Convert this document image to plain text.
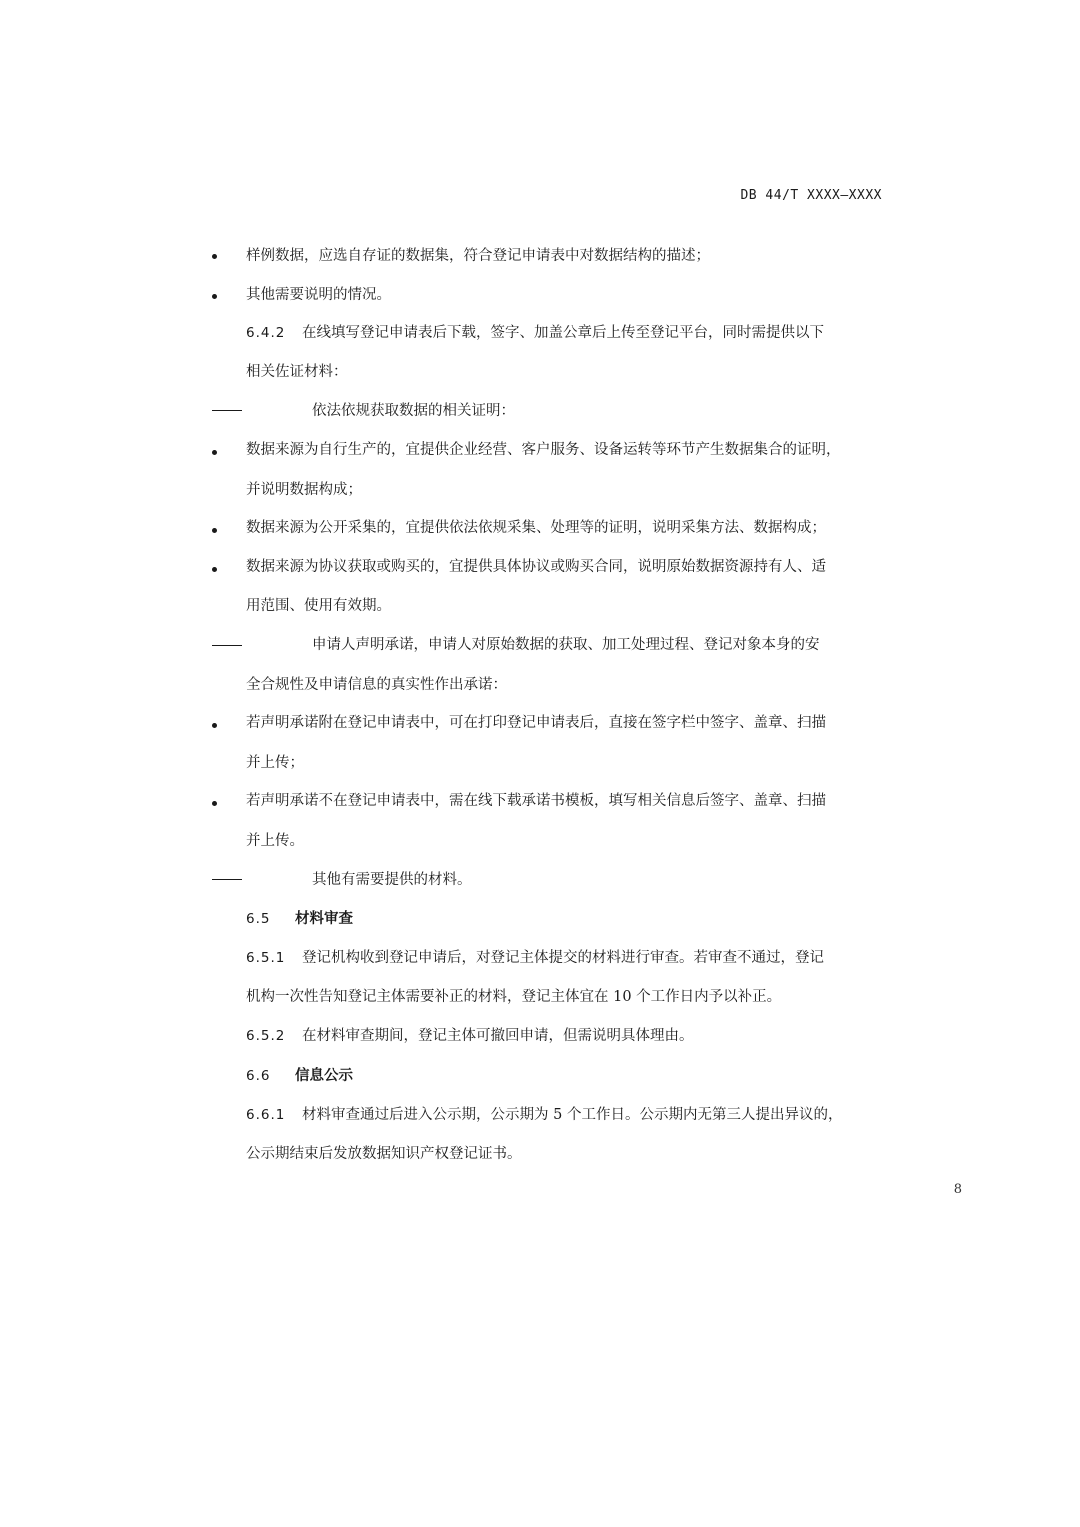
DB 44/T XXXX—XXXX
样例数据，应选自存证的数据集，符合登记申请表中对数据结构的描述；
其他需要说明的情况。
6.4.2 在线填写登记申请表后下载，签字、加盖公章后上传至登记平台，同时需提供以下
相关佐证材料：
依法依规获取数据的相关证明：
数据来源为自行生产的，宜提供企业经营、客户服务、设备运转等环节产生数据集合的证明，
并说明数据构成；
数据来源为公开采集的，宜提供依法依规采集、处理等的证明，说明采集方法、数据构成；
数据来源为协议获取或购买的，宜提供具体协议或购买合同，说明原始数据资源持有人、适
用范围、使用有效期。
申请人声明承诺，申请人对原始数据的获取、加工处理过程、登记对象本身的安
全合规性及申请信息的真实性作出承诺：
若声明承诺附在登记申请表中，可在打印登记申请表后，直接在签字栏中签字、盖章、扫描
并上传；
若声明承诺不在登记申请表中，需在线下载承诺书模板，填写相关信息后签字、盖章、扫描
并上传。
其他有需要提供的材料。
6.5 材料审查
6.5.1 登记机构收到登记申请后，对登记主体提交的材料进行审查。若审查不通过，登记
机构一次性告知登记主体需要补正的材料，登记主体宜在 10 个工作日内予以补正。
6.5.2 在材料审查期间，登记主体可撤回申请，但需说明具体理由。
6.6 信息公示
6.6.1 材料审查通过后进入公示期，公示期为 5 个工作日。公示期内无第三人提出异议的，
公示期结束后发放数据知识产权登记证书。
8
